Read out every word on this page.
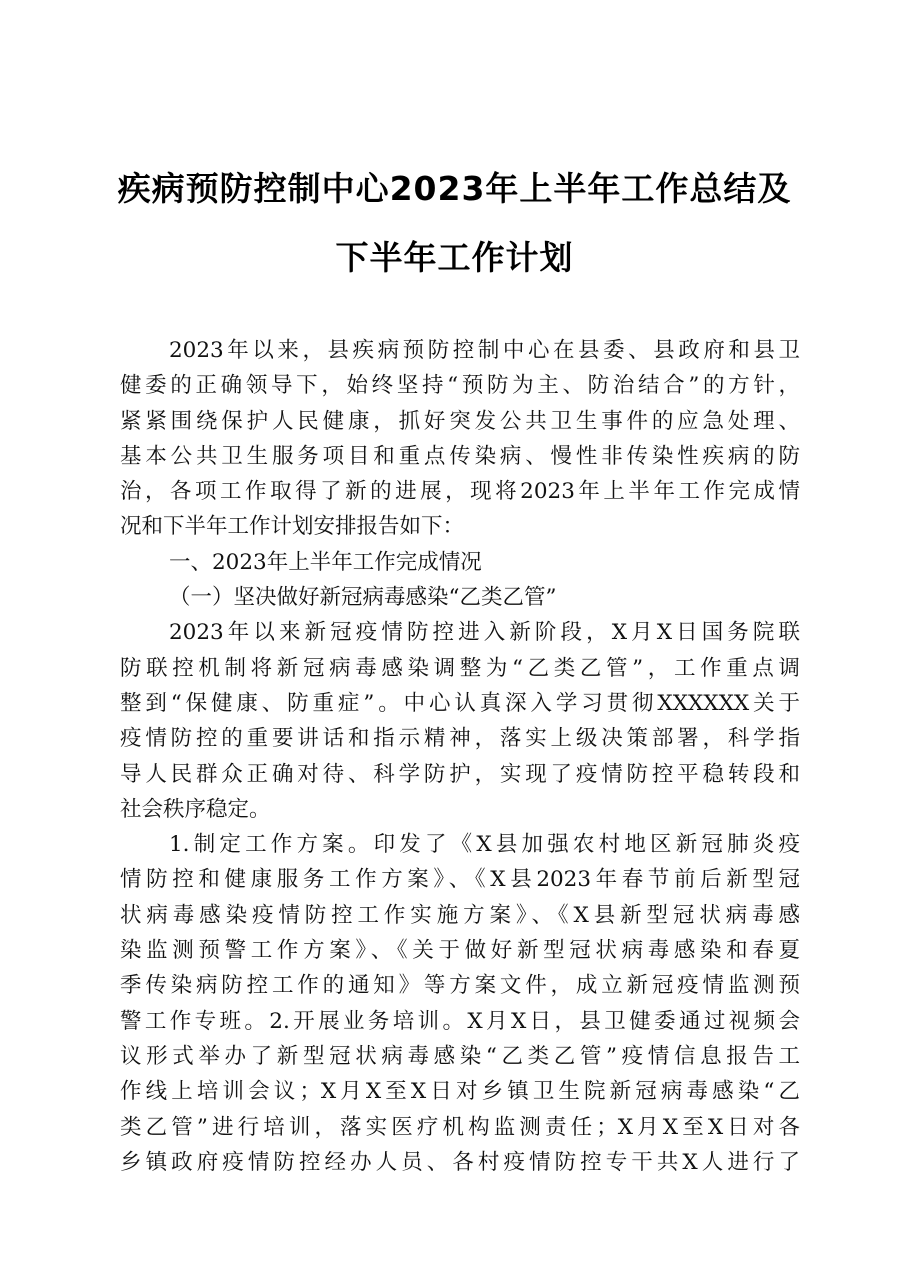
疾病预防控制中心2023年上半年工作总结及
下半年工作计划
2023年以来，县疾病预防控制中心在县委、县政府和县卫
健委的正确领导下，始终坚持“预防为主、防治结合”的方针，
紧紧围绕保护人民健康，抓好突发公共卫生事件的应急处理、
基本公共卫生服务项目和重点传染病、慢性非传染性疾病的防
治，各项工作取得了新的进展，现将2023年上半年工作完成情
况和下半年工作计划安排报告如下：
一、2023年上半年工作完成情况
（一）坚决做好新冠病毒感染“乙类乙管”
2023年以来新冠疫情防控进入新阶段，X月X日国务院联
防联控机制将新冠病毒感染调整为“乙类乙管”，工作重点调
整到“保健康、防重症”。中心认真深入学习贯彻XXXXXX关于
疫情防控的重要讲话和指示精神，落实上级决策部署，科学指
导人民群众正确对待、科学防护，实现了疫情防控平稳转段和
社会秩序稳定。
1.制定工作方案。印发了《X县加强农村地区新冠肺炎疫
情防控和健康服务工作方案》、《X县2023年春节前后新型冠
状病毒感染疫情防控工作实施方案》、《X县新型冠状病毒感
染监测预警工作方案》、《关于做好新型冠状病毒感染和春夏
季传染病防控工作的通知》等方案文件，成立新冠疫情监测预
警工作专班。2.开展业务培训。X月X日，县卫健委通过视频会
议形式举办了新型冠状病毒感染“乙类乙管”疫情信息报告工
作线上培训会议；X月X至X日对乡镇卫生院新冠病毒感染“乙
类乙管”进行培训，落实医疗机构监测责任；X月X至X日对各
乡镇政府疫情防控经办人员、各村疫情防控专干共X人进行了
